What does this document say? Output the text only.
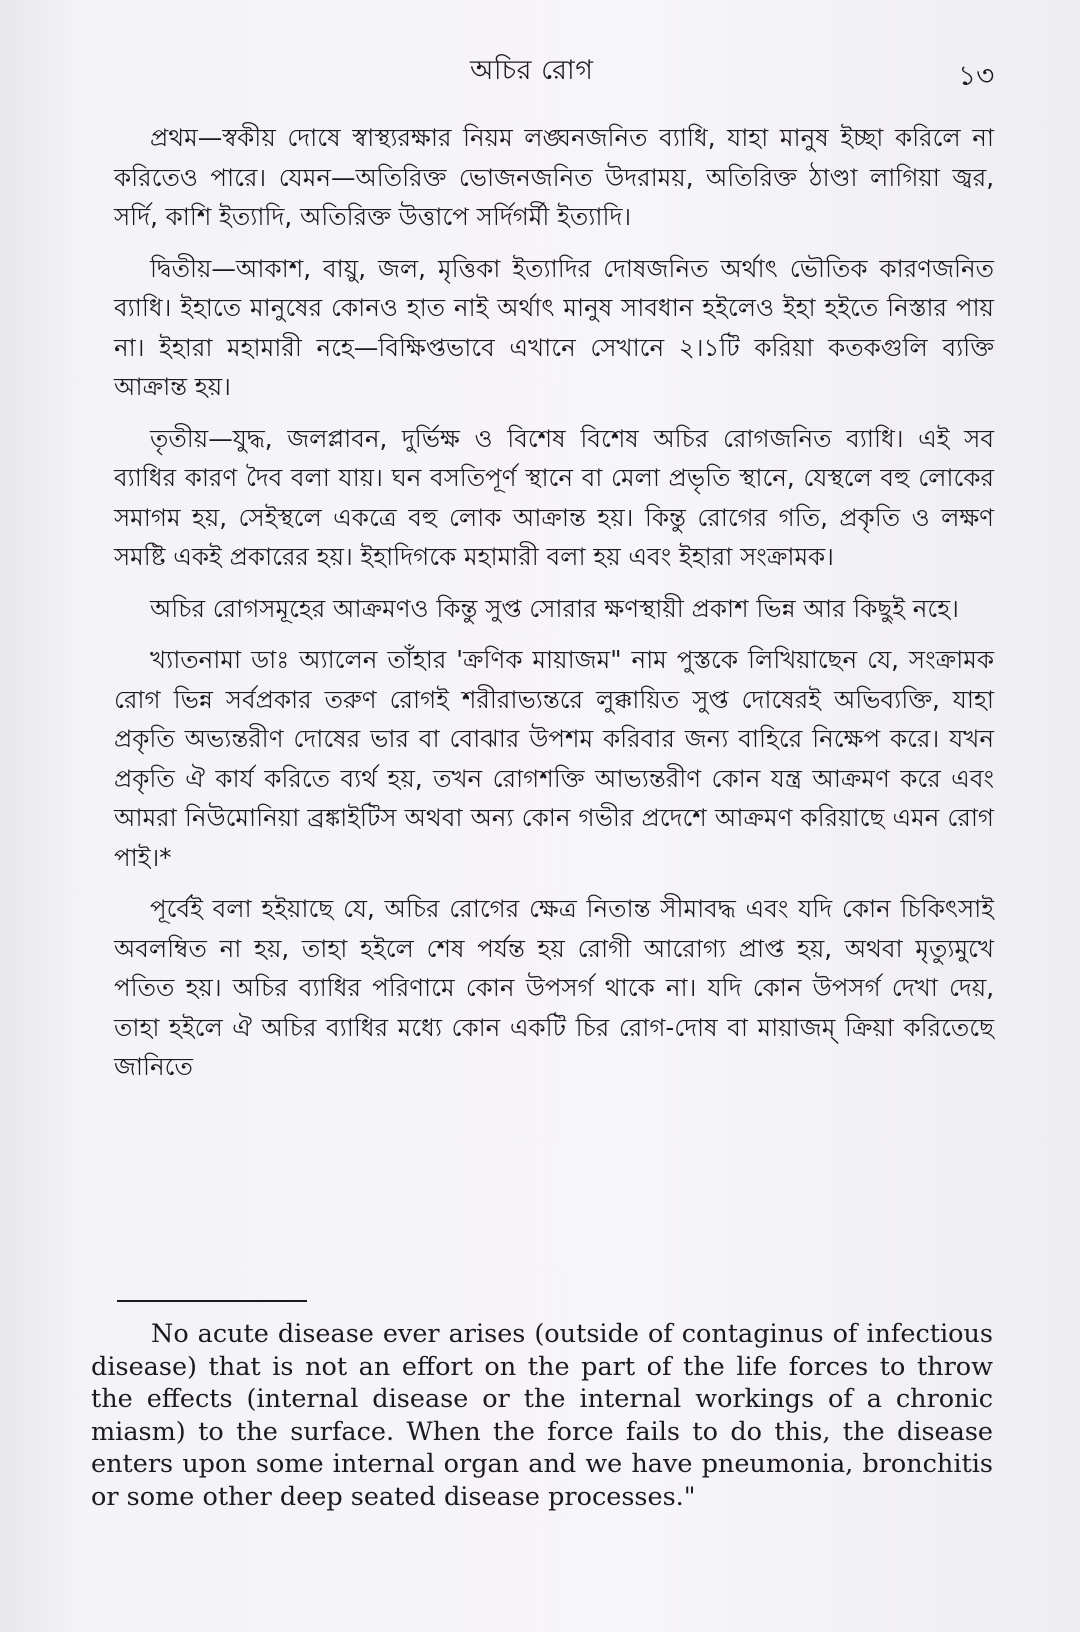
অচির রোগ	১৩

প্রথম—স্বকীয় দোষে স্বাস্থ্যরক্ষার নিয়ম লঙ্ঘনজনিত ব্যাধি, যাহা মানুষ ইচ্ছা করিলে না করিতেও পারে। যেমন—অতিরিক্ত ভোজনজনিত উদরাময়, অতিরিক্ত ঠাণ্ডা লাগিয়া জ্বর, সর্দি, কাশি ইত্যাদি, অতিরিক্ত উত্তাপে সর্দিগর্মী ইত্যাদি।

দ্বিতীয়—আকাশ, বায়ু, জল, মৃত্তিকা ইত্যাদির দোষজনিত অর্থাৎ ভৌতিক কারণজনিত ব্যাধি। ইহাতে মানুষের কোনও হাত নাই অর্থাৎ মানুষ সাবধান হইলেও ইহা হইতে নিস্তার পায় না। ইহারা মহামারী নহে—বিক্ষিপ্তভাবে এখানে সেখানে ২।১টি করিয়া কতকগুলি ব্যক্তি আক্রান্ত হয়।

তৃতীয়—যুদ্ধ, জলপ্লাবন, দুর্ভিক্ষ ও বিশেষ বিশেষ অচির রোগজনিত ব্যাধি। এই সব ব্যাধির কারণ দৈব বলা যায়। ঘন বসতিপূর্ণ স্থানে বা মেলা প্রভৃতি স্থানে, যেস্থলে বহু লোকের সমাগম হয়, সেইস্থলে একত্রে বহু লোক আক্রান্ত হয়। কিন্তু রোগের গতি, প্রকৃতি ও লক্ষণ সমষ্টি একই প্রকারের হয়। ইহাদিগকে মহামারী বলা হয় এবং ইহারা সংক্রামক।

অচির রোগসমূহের আক্রমণও কিন্তু সুপ্ত সোরার ক্ষণস্থায়ী প্রকাশ ভিন্ন আর কিছুই নহে।

খ্যাতনামা ডাঃ অ্যালেন তাঁহার 'ক্রণিক মায়াজম" নাম পুস্তকে লিখিয়াছেন যে, সংক্রামক রোগ ভিন্ন সর্বপ্রকার তরুণ রোগই শরীরাভ্যন্তরে লুক্কায়িত সুপ্ত দোষেরই অভিব্যক্তি, যাহা প্রকৃতি অভ্যন্তরীণ দোষের ভার বা বোঝার উপশম করিবার জন্য বাহিরে নিক্ষেপ করে। যখন প্রকৃতি ঐ কার্য করিতে ব্যর্থ হয়, তখন রোগশক্তি আভ্যন্তরীণ কোন যন্ত্র আক্রমণ করে এবং আমরা নিউমোনিয়া ব্রঙ্কাইটিস অথবা অন্য কোন গভীর প্রদেশে আক্রমণ করিয়াছে এমন রোগ পাই।*

পূর্বেই বলা হইয়াছে যে, অচির রোগের ক্ষেত্র নিতান্ত সীমাবদ্ধ এবং যদি কোন চিকিৎসাই অবলম্বিত না হয়, তাহা হইলে শেষ পর্যন্ত হয় রোগী আরোগ্য প্রাপ্ত হয়, অথবা মৃত্যুমুখে পতিত হয়। অচির ব্যাধির পরিণামে কোন উপসর্গ থাকে না। যদি কোন উপসর্গ দেখা দেয়, তাহা হইলে ঐ অচির ব্যাধির মধ্যে কোন একটি চির রোগ-দোষ বা মায়াজম্ ক্রিয়া করিতেছে জানিতে

No acute disease ever arises (outside of contaginus of infectious disease) that is not an effort on the part of the life forces to throw the effects (internal disease or the internal workings of a chronic miasm) to the surface. When the force fails to do this, the disease enters upon some internal organ and we have pneumonia, bronchitis or some other deep seated disease processes."
